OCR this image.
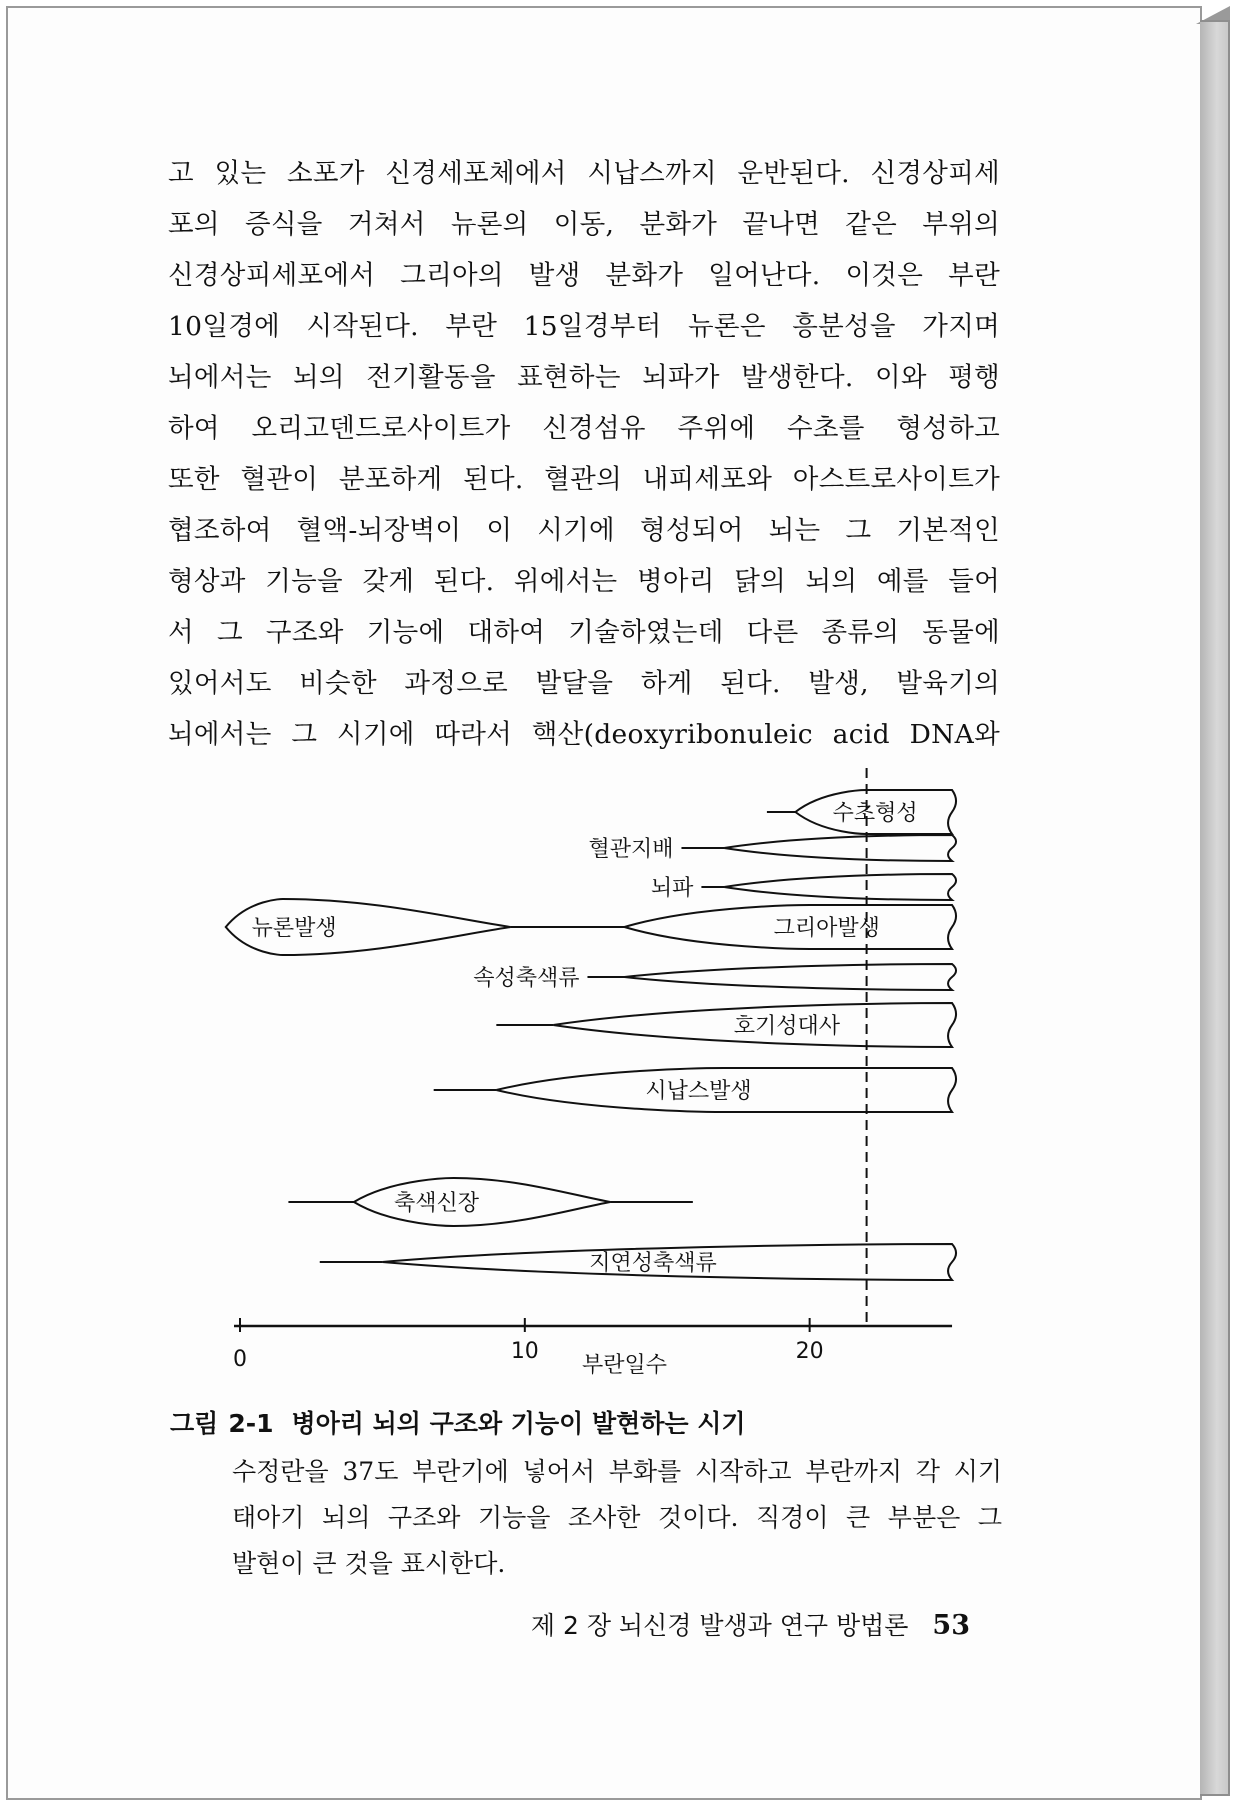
고 있는 소포가 신경세포체에서 시납스까지 운반된다. 신경상피세
포의 증식을 거쳐서 뉴론의 이동, 분화가 끝나면 같은 부위의
신경상피세포에서 그리아의 발생 분화가 일어난다. 이것은 부란
10일경에 시작된다. 부란 15일경부터 뉴론은 흥분성을 가지며
뇌에서는 뇌의 전기활동을 표현하는 뇌파가 발생한다. 이와 평행
하여 오리고덴드로사이트가 신경섬유 주위에 수초를 형성하고
또한 혈관이 분포하게 된다. 혈관의 내피세포와 아스트로사이트가
협조하여 혈액-뇌장벽이 이 시기에 형성되어 뇌는 그 기본적인
형상과 기능을 갖게 된다. 위에서는 병아리 닭의 뇌의 예를 들어
서 그 구조와 기능에 대하여 기술하였는데 다른 종류의 동물에
있어서도 비슷한 과정으로 발달을 하게 된다. 발생, 발육기의
뇌에서는 그 시기에 따라서 핵산(deoxyribonuleic acid DNA와
수초형성
혈관지배
뇌파
뉴론발생	그리아발생
속성축색류
호기성대사
시납스발생
축색신장
지연성축색류
0	10	20
부란일수
그림 2-1 병아리 뇌의 구조와 기능이 발현하는 시기
수정란을 37도 부란기에 넣어서 부화를 시작하고 부란까지 각 시기
태아기 뇌의 구조와 기능을 조사한 것이다. 직경이 큰 부분은 그
발현이 큰 것을 표시한다.
제 2 장 뇌신경 발생과 연구 방법론 53
